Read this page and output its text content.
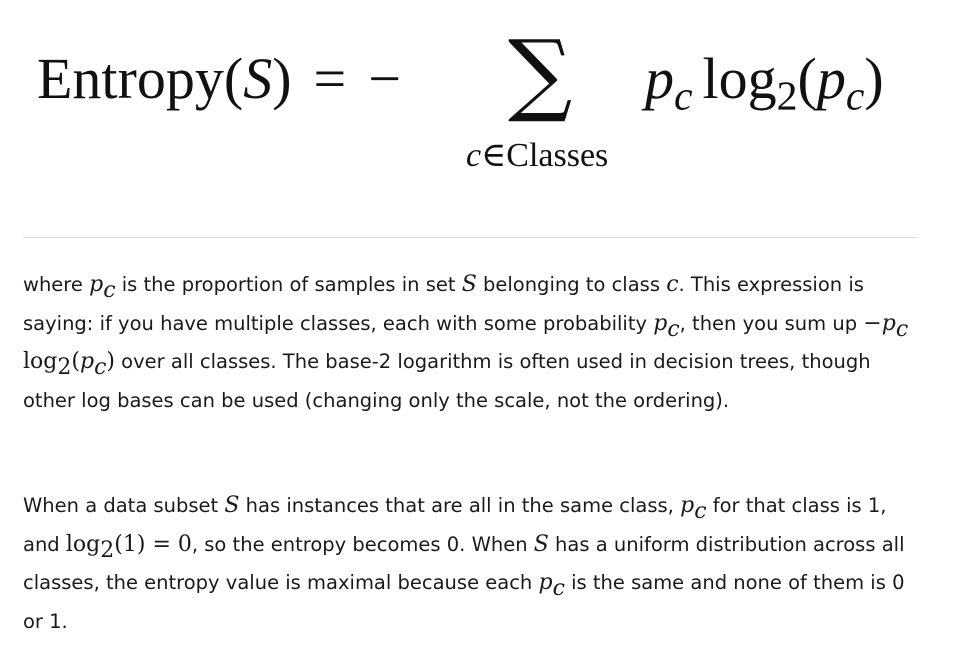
Entropy(S) = − ∑ $p_c$ $\log_2(p_c)$
c∈Classes

where pc is the proportion of samples in set S belonging to class c. This expression is saying: if you have multiple classes, each with some probability pc, then you sum up −pc log2(pc) over all classes. The base-2 logarithm is often used in decision trees, though other log bases can be used (changing only the scale, not the ordering).

When a data subset S has instances that are all in the same class, pc for that class is 1, and log2(1) = 0, so the entropy becomes 0. When S has a uniform distribution across all classes, the entropy value is maximal because each pc is the same and none of them is 0 or 1.
